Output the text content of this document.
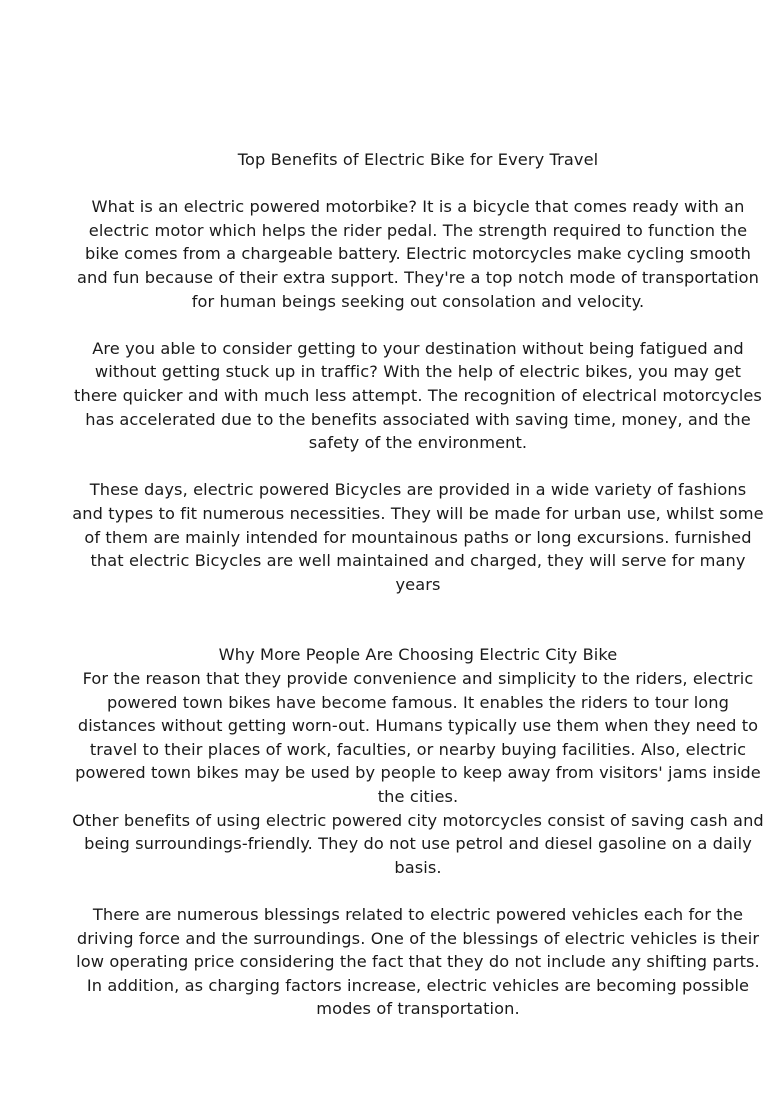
Top Benefits of Electric Bike for Every Travel

What is an electric powered motorbike? It is a bicycle that comes ready with an electric motor which helps the rider pedal. The strength required to function the bike comes from a chargeable battery. Electric motorcycles make cycling smooth and fun because of their extra support. They're a top notch mode of transportation for human beings seeking out consolation and velocity.

Are you able to consider getting to your destination without being fatigued and without getting stuck up in traffic? With the help of electric bikes, you may get there quicker and with much less attempt. The recognition of electrical motorcycles has accelerated due to the benefits associated with saving time, money, and the safety of the environment.

These days, electric powered Bicycles are provided in a wide variety of fashions and types to fit numerous necessities. They will be made for urban use, whilst some of them are mainly intended for mountainous paths or long excursions. furnished that electric Bicycles are well maintained and charged, they will serve for many years

Why More People Are Choosing Electric City Bike

For the reason that they provide convenience and simplicity to the riders, electric powered town bikes have become famous. It enables the riders to tour long distances without getting worn-out. Humans typically use them when they need to travel to their places of work, faculties, or nearby buying facilities. Also, electric powered town bikes may be used by people to keep away from visitors' jams inside the cities.

Other benefits of using electric powered city motorcycles consist of saving cash and being surroundings-friendly. They do not use petrol and diesel gasoline on a daily basis.

There are numerous blessings related to electric powered vehicles each for the driving force and the surroundings. One of the blessings of electric vehicles is their low operating price considering the fact that they do not include any shifting parts. In addition, as charging factors increase, electric vehicles are becoming possible modes of transportation.
